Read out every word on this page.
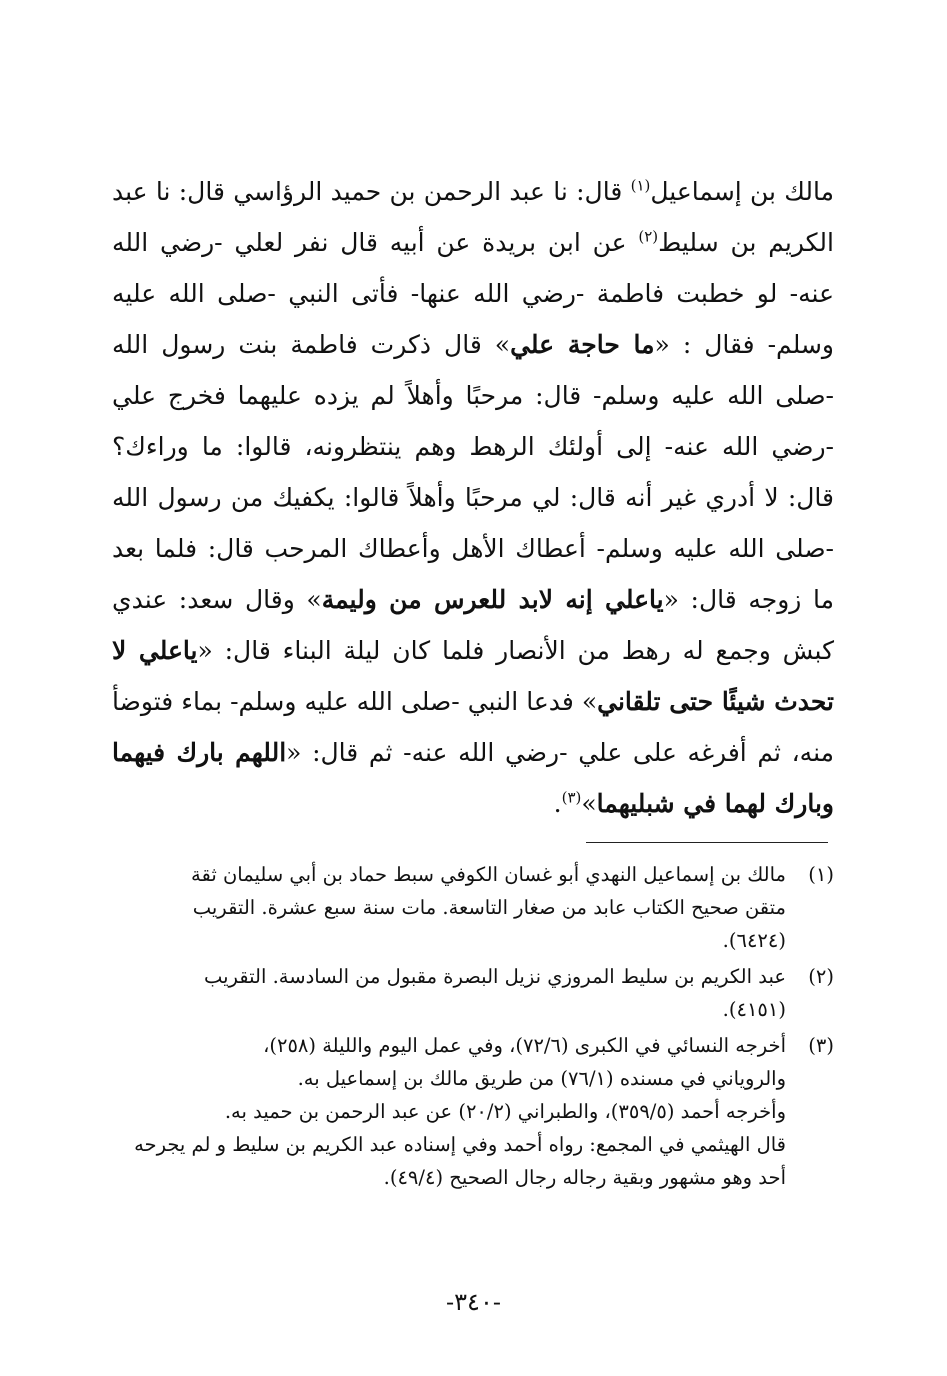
مالك بن إسماعيل$^{(١)}$ قال: نا عبد الرحمن بن حميد الرؤاسي قال: نا عبد الكريم بن سليط$^{(٢)}$ عن ابن بريدة عن أبيه قال نفر لعلي -رضي الله عنه- لو خطبت فاطمة -رضي الله عنها- فأتى النبي -صلى الله عليه وسلم- فقال : «ما حاجة علي» قال ذكرت فاطمة بنت رسول الله -صلى الله عليه وسلم- قال: مرحبًا وأهلاً لم يزده عليهما فخرج علي -رضي الله عنه- إلى أولئك الرهط وهم ينتظرونه، قالوا: ما وراءك؟ قال: لا أدري غير أنه قال: لي مرحبًا وأهلاً قالوا: يكفيك من رسول الله -صلى الله عليه وسلم- أعطاك الأهل وأعطاك المرحب قال: فلما بعد ما زوجه قال: «ياعلي إنه لابد للعرس من وليمة» وقال سعد: عندي كبش وجمع له رهط من الأنصار فلما كان ليلة البناء قال: «ياعلي لا تحدث شيئًا حتى تلقاني» فدعا النبي -صلى الله عليه وسلم- بماء فتوضأ منه، ثم أفرغه على علي -رضي الله عنه- ثم قال: «اللهم بارك فيهما وبارك لهما في شبليهما»$^{(٣)}$.

(١)
مالك بن إسماعيل النهدي أبو غسان الكوفي سبط حماد بن أبي سليمان ثقة
متقن صحيح الكتاب عابد من صغار التاسعة. مات سنة سبع عشرة. التقريب
(٦٤٢٤).
(٢)
عبد الكريم بن سليط المروزي نزيل البصرة مقبول من السادسة. التقريب
(٤١٥١).
(٣)
أخرجه النسائي في الكبرى (٧٢/٦)، وفي عمل اليوم والليلة (٢٥٨)،
والروياني في مسنده (٧٦/١) من طريق مالك بن إسماعيل به.
وأخرجه أحمد (٣٥٩/٥)، والطبراني (٢٠/٢) عن عبد الرحمن بن حميد به.
قال الهيثمي في المجمع: رواه أحمد وفي إسناده عبد الكريم بن سليط و لم يجرحه
أحد وهو مشهور وبقية رجاله رجال الصحيح (٤٩/٤).
-٣٤٠-
